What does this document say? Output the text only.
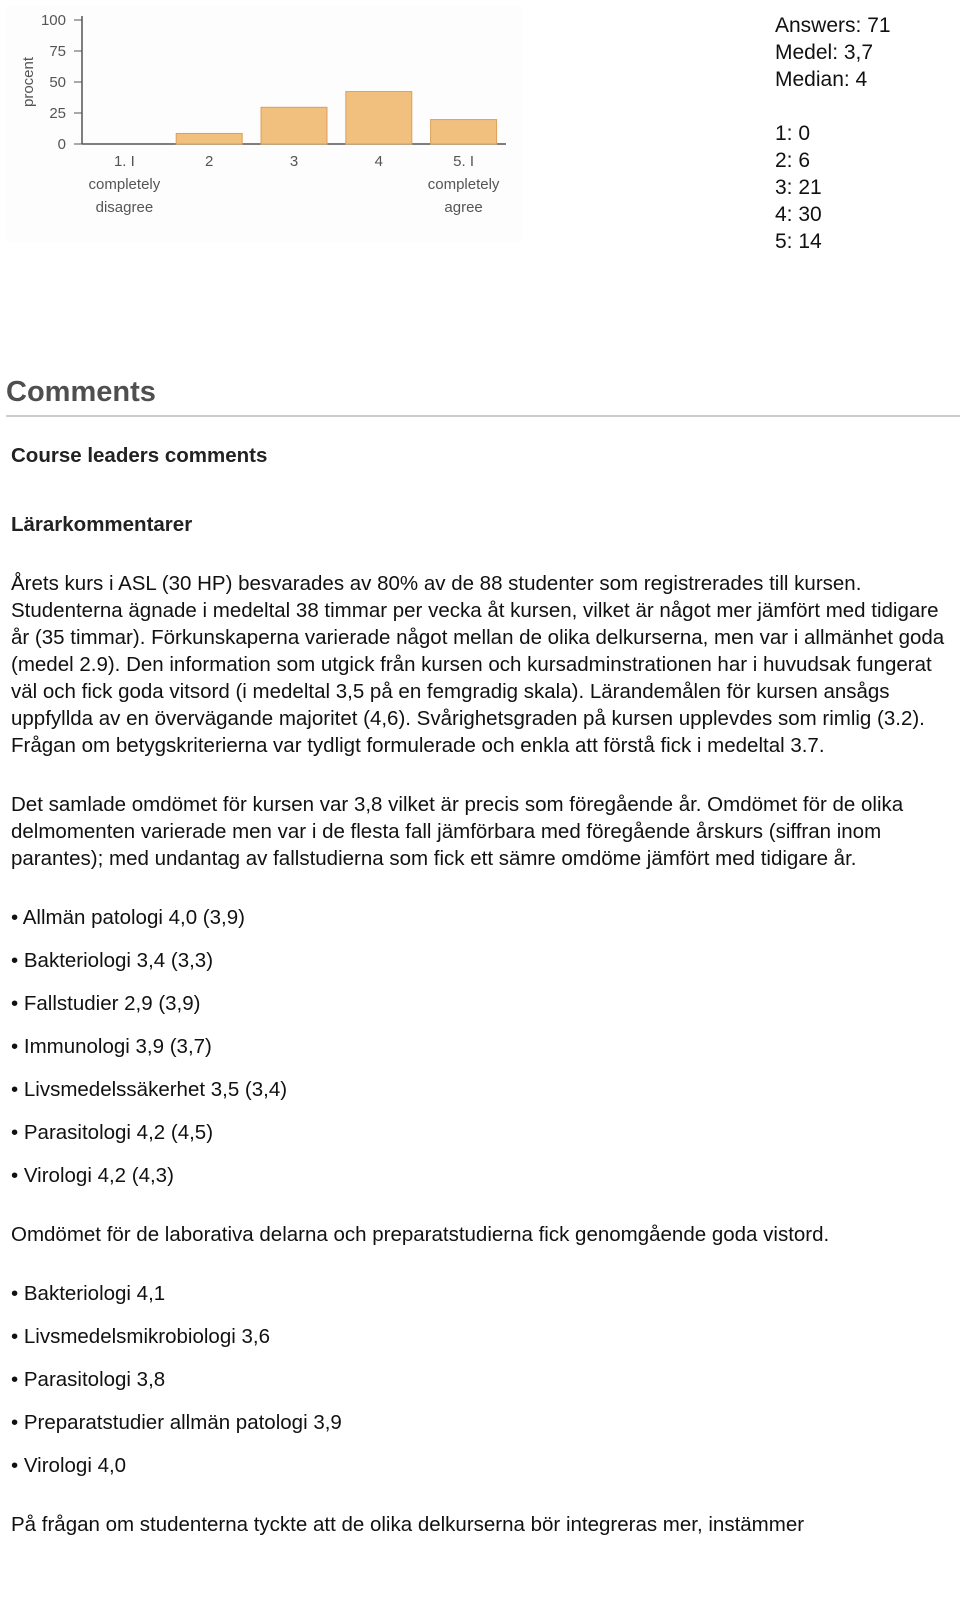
procent
100
75
50
25
0
1. I
completely
disagree
2	3	4	5. I
completely
agree
Answers: 71
Medel: 3,7
Median: 4
1: 0
2: 6
3: 21
4: 30
5: 14
Comments

Course leaders comments

Lärarkommentarer

Årets kurs i ASL (30 HP) besvarades av 80% av de 88 studenter som registrerades till kursen. Studenterna ägnade i medeltal 38 timmar per vecka åt kursen, vilket är något mer jämfört med tidigare år (35 timmar). Förkunskaperna varierade något mellan de olika delkurserna, men var i allmänhet goda (medel 2.9). Den information som utgick från kursen och kursadminstrationen har i huvudsak fungerat väl och fick goda vitsord (i medeltal 3,5 på en femgradig skala). Lärandemålen för kursen ansågs uppfyllda av en övervägande majoritet (4,6). Svårighetsgraden på kursen upplevdes som rimlig (3.2). Frågan om betygskriterierna var tydligt formulerade och enkla att förstå fick i medeltal 3.7.

Det samlade omdömet för kursen var 3,8 vilket är precis som föregående år. Omdömet för de olika delmomenten varierade men var i de flesta fall jämförbara med föregående årskurs (siffran inom parantes); med undantag av fallstudierna som fick ett sämre omdöme jämfört med tidigare år.

• Allmän patologi 4,0 (3,9)
• Bakteriologi 3,4 (3,3)
• Fallstudier 2,9 (3,9)
• Immunologi 3,9 (3,7)
• Livsmedelssäkerhet 3,5 (3,4)
• Parasitologi 4,2 (4,5)
• Virologi 4,2 (4,3)

Omdömet för de laborativa delarna och preparatstudierna fick genomgående goda vistord.

• Bakteriologi 4,1
• Livsmedelsmikrobiologi 3,6
• Parasitologi 3,8
• Preparatstudier allmän patologi 3,9
• Virologi 4,0

På frågan om studenterna tyckte att de olika delkurserna bör integreras mer, instämmer
